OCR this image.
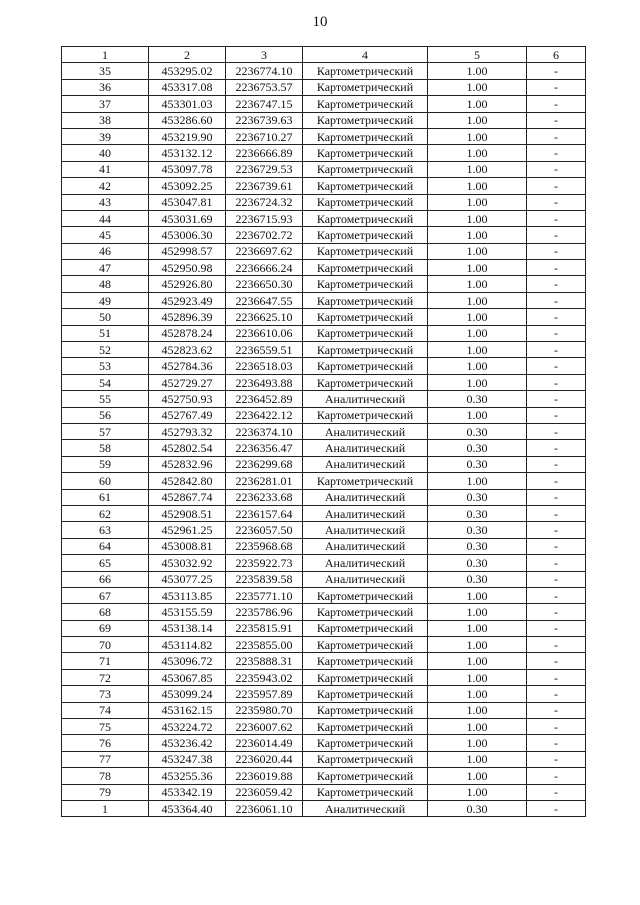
10
1	2	3	4	5	6
35	453295.02	2236774.10	Картометрический	1.00	-
36	453317.08	2236753.57	Картометрический	1.00	-
37	453301.03	2236747.15	Картометрический	1.00	-
38	453286.60	2236739.63	Картометрический	1.00	-
39	453219.90	2236710.27	Картометрический	1.00	-
40	453132.12	2236666.89	Картометрический	1.00	-
41	453097.78	2236729.53	Картометрический	1.00	-
42	453092.25	2236739.61	Картометрический	1.00	-
43	453047.81	2236724.32	Картометрический	1.00	-
44	453031.69	2236715.93	Картометрический	1.00	-
45	453006.30	2236702.72	Картометрический	1.00	-
46	452998.57	2236697.62	Картометрический	1.00	-
47	452950.98	2236666.24	Картометрический	1.00	-
48	452926.80	2236650.30	Картометрический	1.00	-
49	452923.49	2236647.55	Картометрический	1.00	-
50	452896.39	2236625.10	Картометрический	1.00	-
51	452878.24	2236610.06	Картометрический	1.00	-
52	452823.62	2236559.51	Картометрический	1.00	-
53	452784.36	2236518.03	Картометрический	1.00	-
54	452729.27	2236493.88	Картометрический	1.00	-
55	452750.93	2236452.89	Аналитический	0.30	-
56	452767.49	2236422.12	Картометрический	1.00	-
57	452793.32	2236374.10	Аналитический	0.30	-
58	452802.54	2236356.47	Аналитический	0.30	-
59	452832.96	2236299.68	Аналитический	0.30	-
60	452842.80	2236281.01	Картометрический	1.00	-
61	452867.74	2236233.68	Аналитический	0.30	-
62	452908.51	2236157.64	Аналитический	0.30	-
63	452961.25	2236057.50	Аналитический	0.30	-
64	453008.81	2235968.68	Аналитический	0.30	-
65	453032.92	2235922.73	Аналитический	0.30	-
66	453077.25	2235839.58	Аналитический	0.30	-
67	453113.85	2235771.10	Картометрический	1.00	-
68	453155.59	2235786.96	Картометрический	1.00	-
69	453138.14	2235815.91	Картометрический	1.00	-
70	453114.82	2235855.00	Картометрический	1.00	-
71	453096.72	2235888.31	Картометрический	1.00	-
72	453067.85	2235943.02	Картометрический	1.00	-
73	453099.24	2235957.89	Картометрический	1.00	-
74	453162.15	2235980.70	Картометрический	1.00	-
75	453224.72	2236007.62	Картометрический	1.00	-
76	453236.42	2236014.49	Картометрический	1.00	-
77	453247.38	2236020.44	Картометрический	1.00	-
78	453255.36	2236019.88	Картометрический	1.00	-
79	453342.19	2236059.42	Картометрический	1.00	-
1	453364.40	2236061.10	Аналитический	0.30	-
